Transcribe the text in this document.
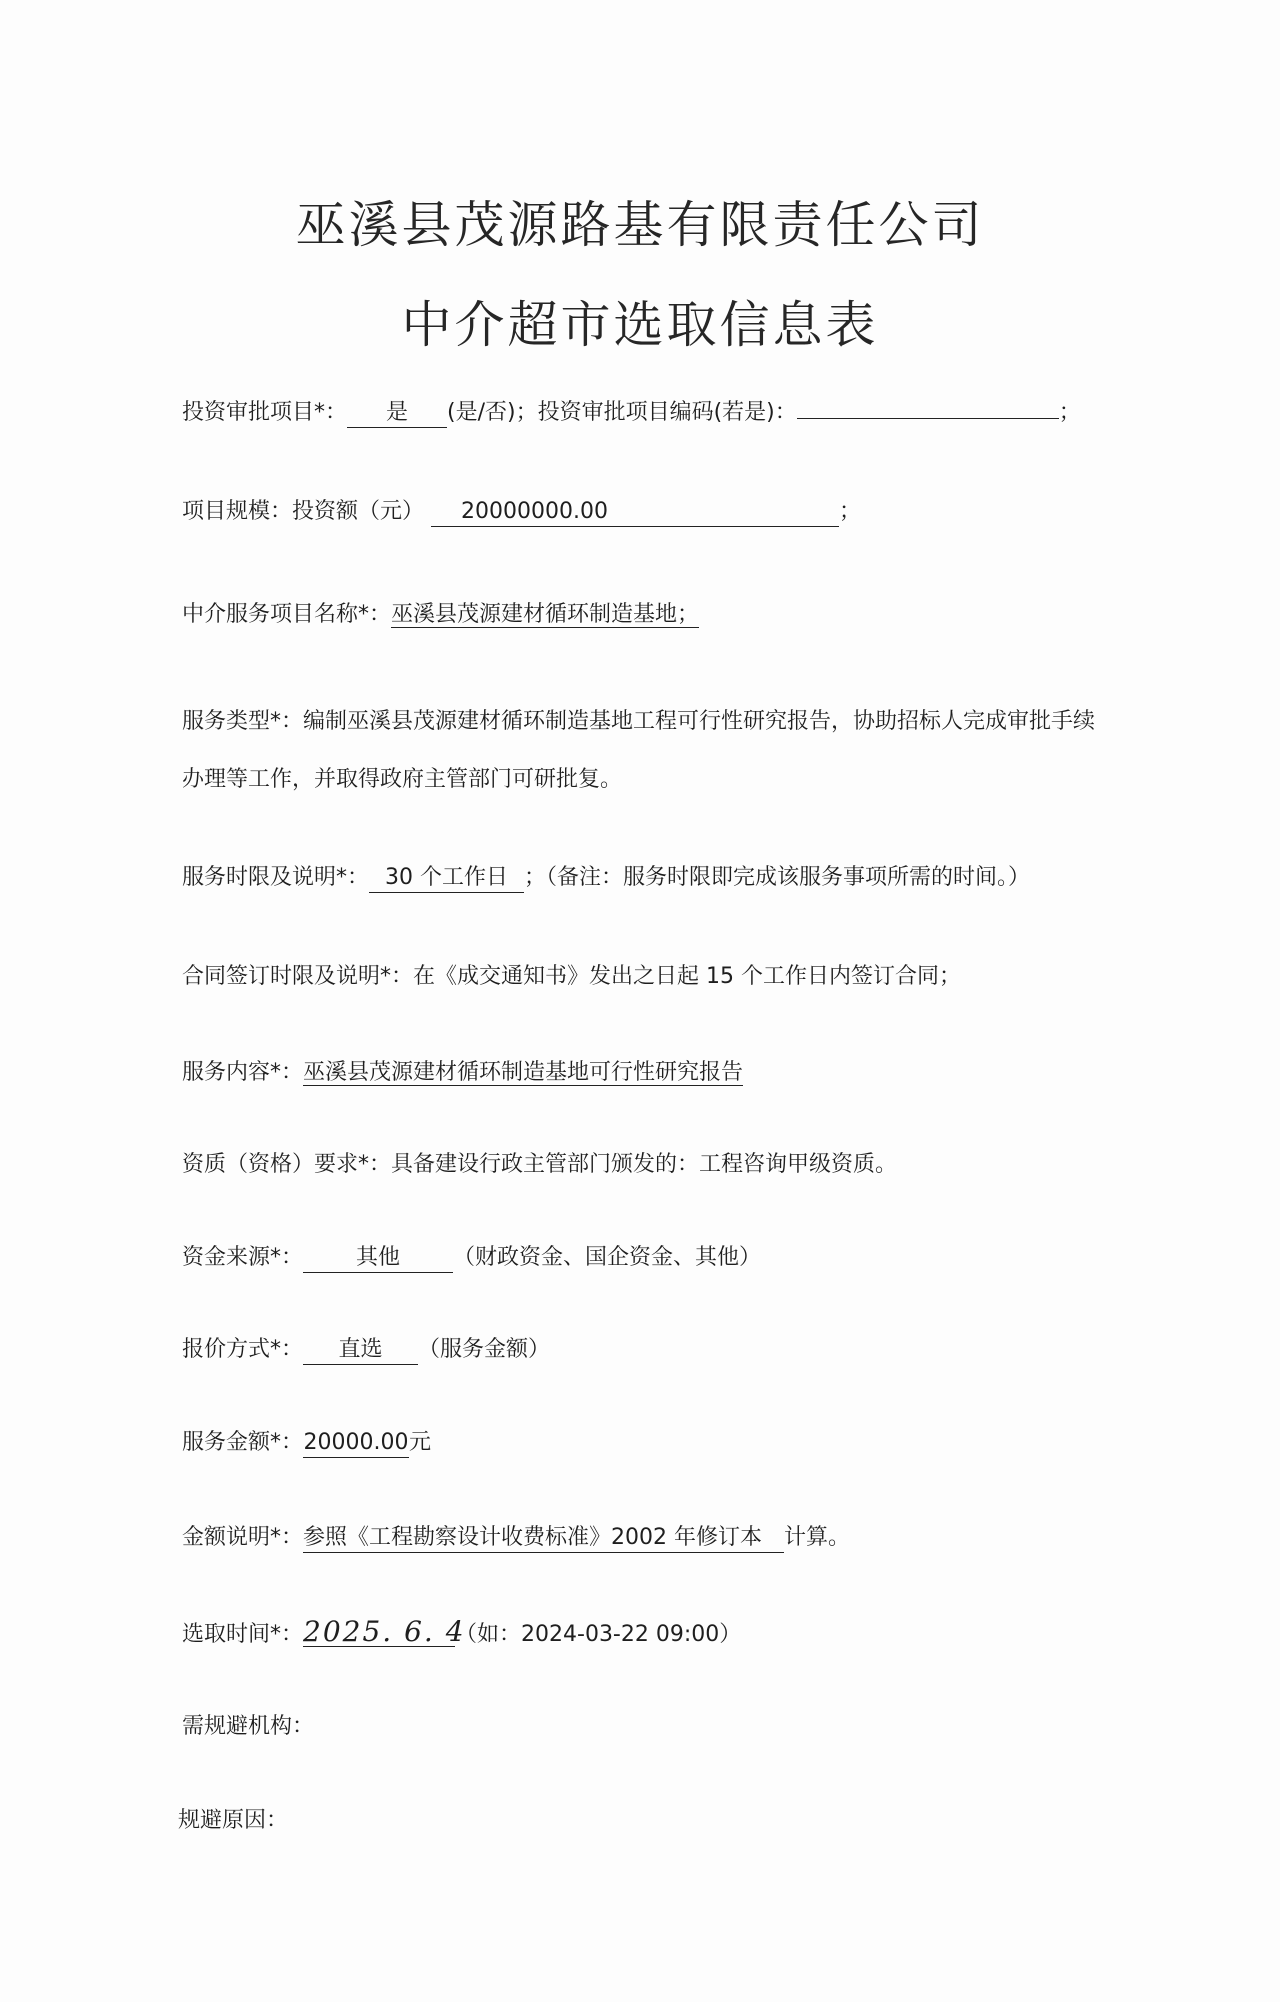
巫溪县茂源路基有限责任公司
中介超市选取信息表
投资审批项目*： 是 (是/否)；投资审批项目编码(若是)：	；
项目规模：投资额（元） 20000000.00	；
中介服务项目名称*：巫溪县茂源建材循环制造基地；
服务类型*：编制巫溪县茂源建材循环制造基地工程可行性研究报告，协助招标人完成审批手续办理等工作，并取得政府主管部门可研批复。
服务时限及说明*： 30 个工作日 ；（备注：服务时限即完成该服务事项所需的时间。）
合同签订时限及说明*：在《成交通知书》发出之日起 15 个工作日内签订合同；
服务内容*：巫溪县茂源建材循环制造基地可行性研究报告
资质（资格）要求*：具备建设行政主管部门颁发的：工程咨询甲级资质。
资金来源*： 其他 （财政资金、国企资金、其他）
报价方式*： 直选 （服务金额）
服务金额*：20000.00元
金额说明*：参照《工程勘察设计收费标准》2002 年修订本 计算。
选取时间*：2025. 6. 4（如：2024-03-22 09:00）
需规避机构：
规避原因：
